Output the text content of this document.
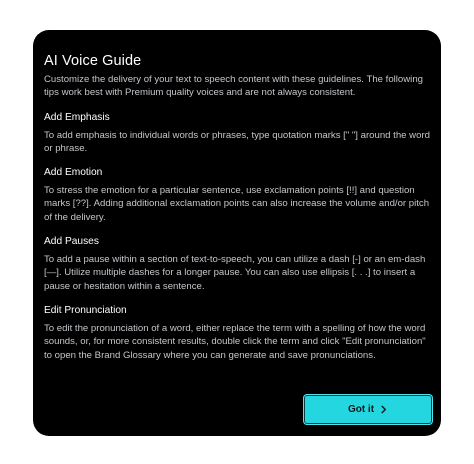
AI Voice Guide

Customize the delivery of your text to speech content with these guidelines. The following tips work best with Premium quality voices and are not always consistent.

Add Emphasis

To add emphasis to individual words or phrases, type quotation marks [" "] around the word or phrase.

Add Emotion

To stress the emotion for a particular sentence, use exclamation points [!!] and question marks [??]. Adding additional exclamation points can also increase the volume and/or pitch of the delivery.

Add Pauses

To add a pause within a section of text-to-speech, you can utilize a dash [-] or an em-dash [—]. Utilize multiple dashes for a longer pause. You can also use ellipsis [. . .] to insert a pause or hesitation within a sentence.

Edit Pronunciation

To edit the pronunciation of a word, either replace the term with a spelling of how the word sounds, or, for more consistent results, double click the term and click "Edit pronunciation" to open the Brand Glossary where you can generate and save pronunciations.

Got it
